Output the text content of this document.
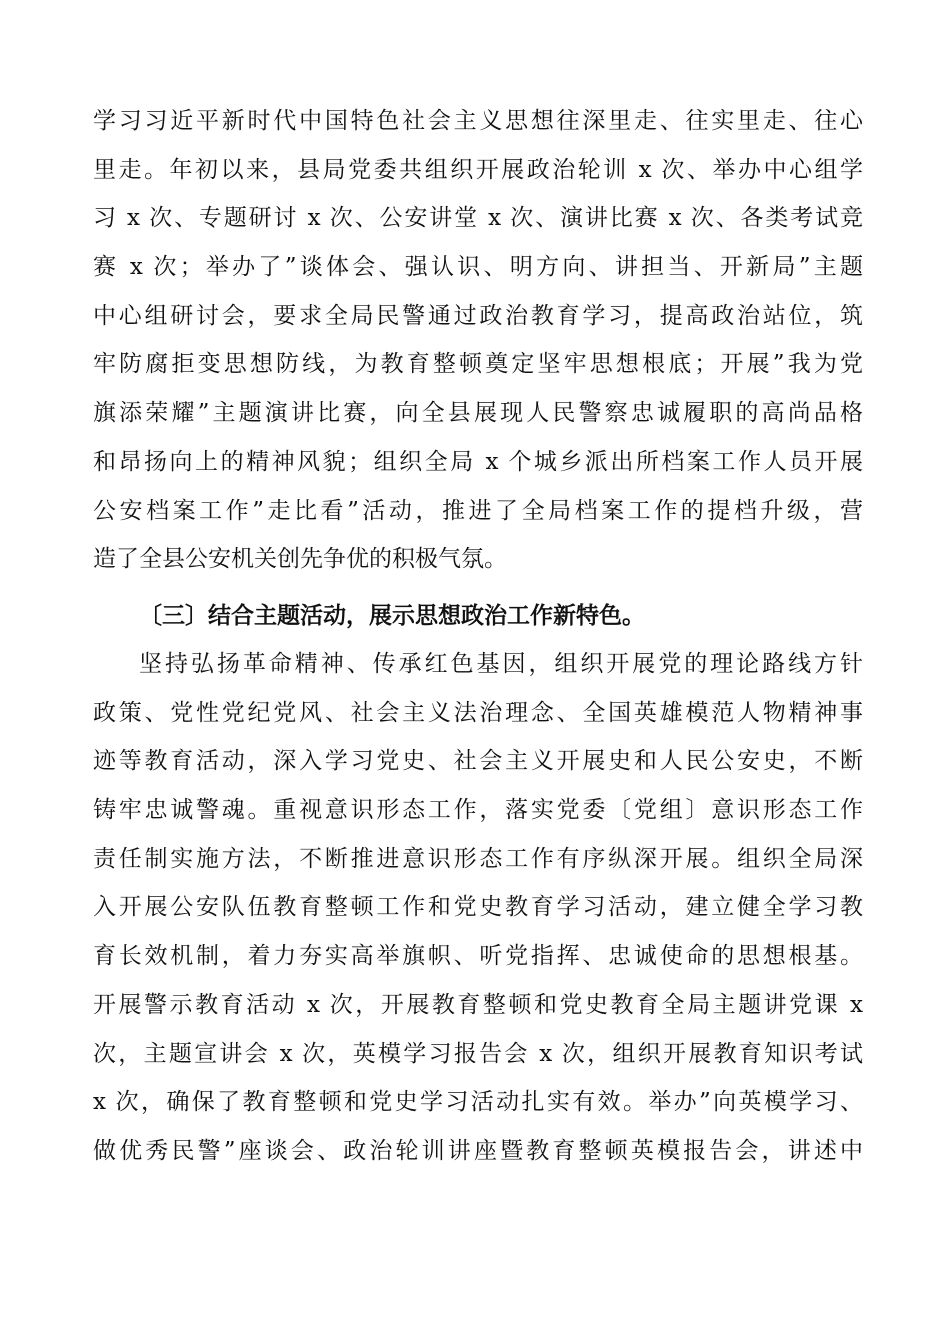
学习习近平新时代中国特色社会主义思想往深里走、往实里走、往心
里走。年初以来，县局党委共组织开展政治轮训 x 次、举办中心组学
习 x 次、专题研讨 x 次、公安讲堂 x 次、演讲比赛 x 次、各类考试竞
赛 x 次；举办了”谈体会、强认识、明方向、讲担当、开新局”主题
中心组研讨会，要求全局民警通过政治教育学习，提高政治站位，筑
牢防腐拒变思想防线，为教育整顿奠定坚牢思想根底；开展”我为党
旗添荣耀”主题演讲比赛，向全县展现人民警察忠诚履职的高尚品格
和昂扬向上的精神风貌；组织全局 x 个城乡派出所档案工作人员开展
公安档案工作”走比看”活动，推进了全局档案工作的提档升级，营
造了全县公安机关创先争优的积极气氛。
〔三〕结合主题活动，展示思想政治工作新特色。
坚持弘扬革命精神、传承红色基因，组织开展党的理论路线方针
政策、党性党纪党风、社会主义法治理念、全国英雄模范人物精神事
迹等教育活动，深入学习党史、社会主义开展史和人民公安史，不断
铸牢忠诚警魂。重视意识形态工作，落实党委〔党组〕意识形态工作
责任制实施方法，不断推进意识形态工作有序纵深开展。组织全局深
入开展公安队伍教育整顿工作和党史教育学习活动，建立健全学习教
育长效机制，着力夯实高举旗帜、听党指挥、忠诚使命的思想根基。
开展警示教育活动 x 次，开展教育整顿和党史教育全局主题讲党课 x
次，主题宣讲会 x 次，英模学习报告会 x 次，组织开展教育知识考试
x 次，确保了教育整顿和党史学习活动扎实有效。举办”向英模学习、
做优秀民警”座谈会、政治轮训讲座暨教育整顿英模报告会，讲述中
